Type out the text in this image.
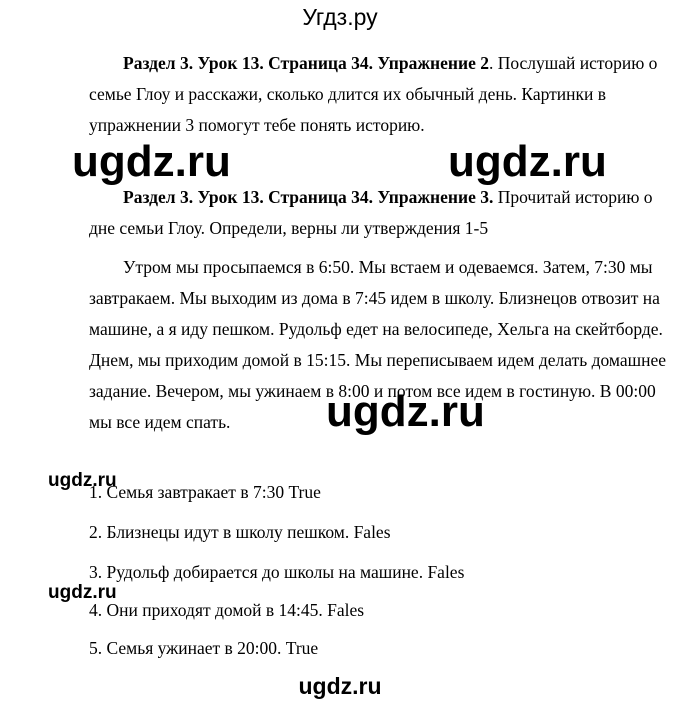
Угдз.ру
Раздел 3. Урок 13. Страница 34. Упражнение 2. Послушай историю о
семье Глоу и расскажи, сколько длится их обычный день. Картинки в
упражнении 3 помогут тебе понять историю.
ugdz.ru	ugdz.ru
Раздел 3. Урок 13. Страница 34. Упражнение 3. Прочитай историю о
дне семьи Глоу. Определи, верны ли утверждения 1-5
Утром мы просыпаемся в 6:50. Мы встаем и одеваемся. Затем, 7:30 мы
завтракаем. Мы выходим из дома в 7:45 идем в школу. Близнецов отвозит на
машине, а я иду пешком. Рудольф едет на велосипеде, Хельга на скейтборде.
Днем, мы приходим домой в 15:15. Мы переписываем идем делать домашнее
задание. Вечером, мы ужинаем в 8:00 и потом все идем в гостиную. В 00:00
мы все идем спать.	ugdz.ru
ugdz.ru
1. Семья завтракает в 7:30 True
2. Близнецы идут в школу пешком. Fales
3. Рудольф добирается до школы на машине. Fales
ugdz.ru
4. Они приходят домой в 14:45. Fales
5. Семья ужинает в 20:00. True
ugdz.ru
